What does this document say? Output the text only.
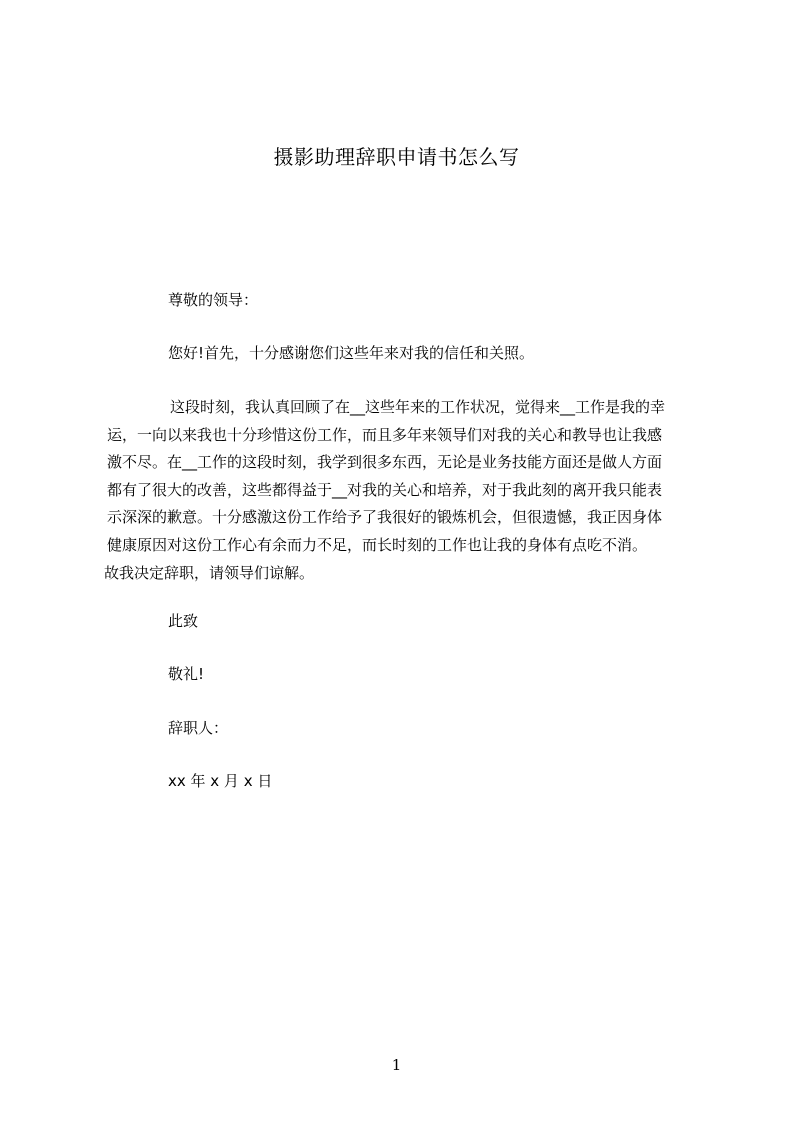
摄影助理辞职申请书怎么写
尊敬的领导：
您好!首先，十分感谢您们这些年来对我的信任和关照。
这段时刻，我认真回顾了在__这些年来的工作状况，觉得来__工作是我的幸
运，一向以来我也十分珍惜这份工作，而且多年来领导们对我的关心和教导也让我感
激不尽。在__工作的这段时刻，我学到很多东西，无论是业务技能方面还是做人方面
都有了很大的改善，这些都得益于__对我的关心和培养，对于我此刻的离开我只能表
示深深的歉意。十分感激这份工作给予了我很好的锻炼机会，但很遗憾，我正因身体
健康原因对这份工作心有余而力不足，而长时刻的工作也让我的身体有点吃不消。
故我决定辞职，请领导们谅解。
此致
敬礼!
辞职人：
xx 年 x 月 x 日
1
